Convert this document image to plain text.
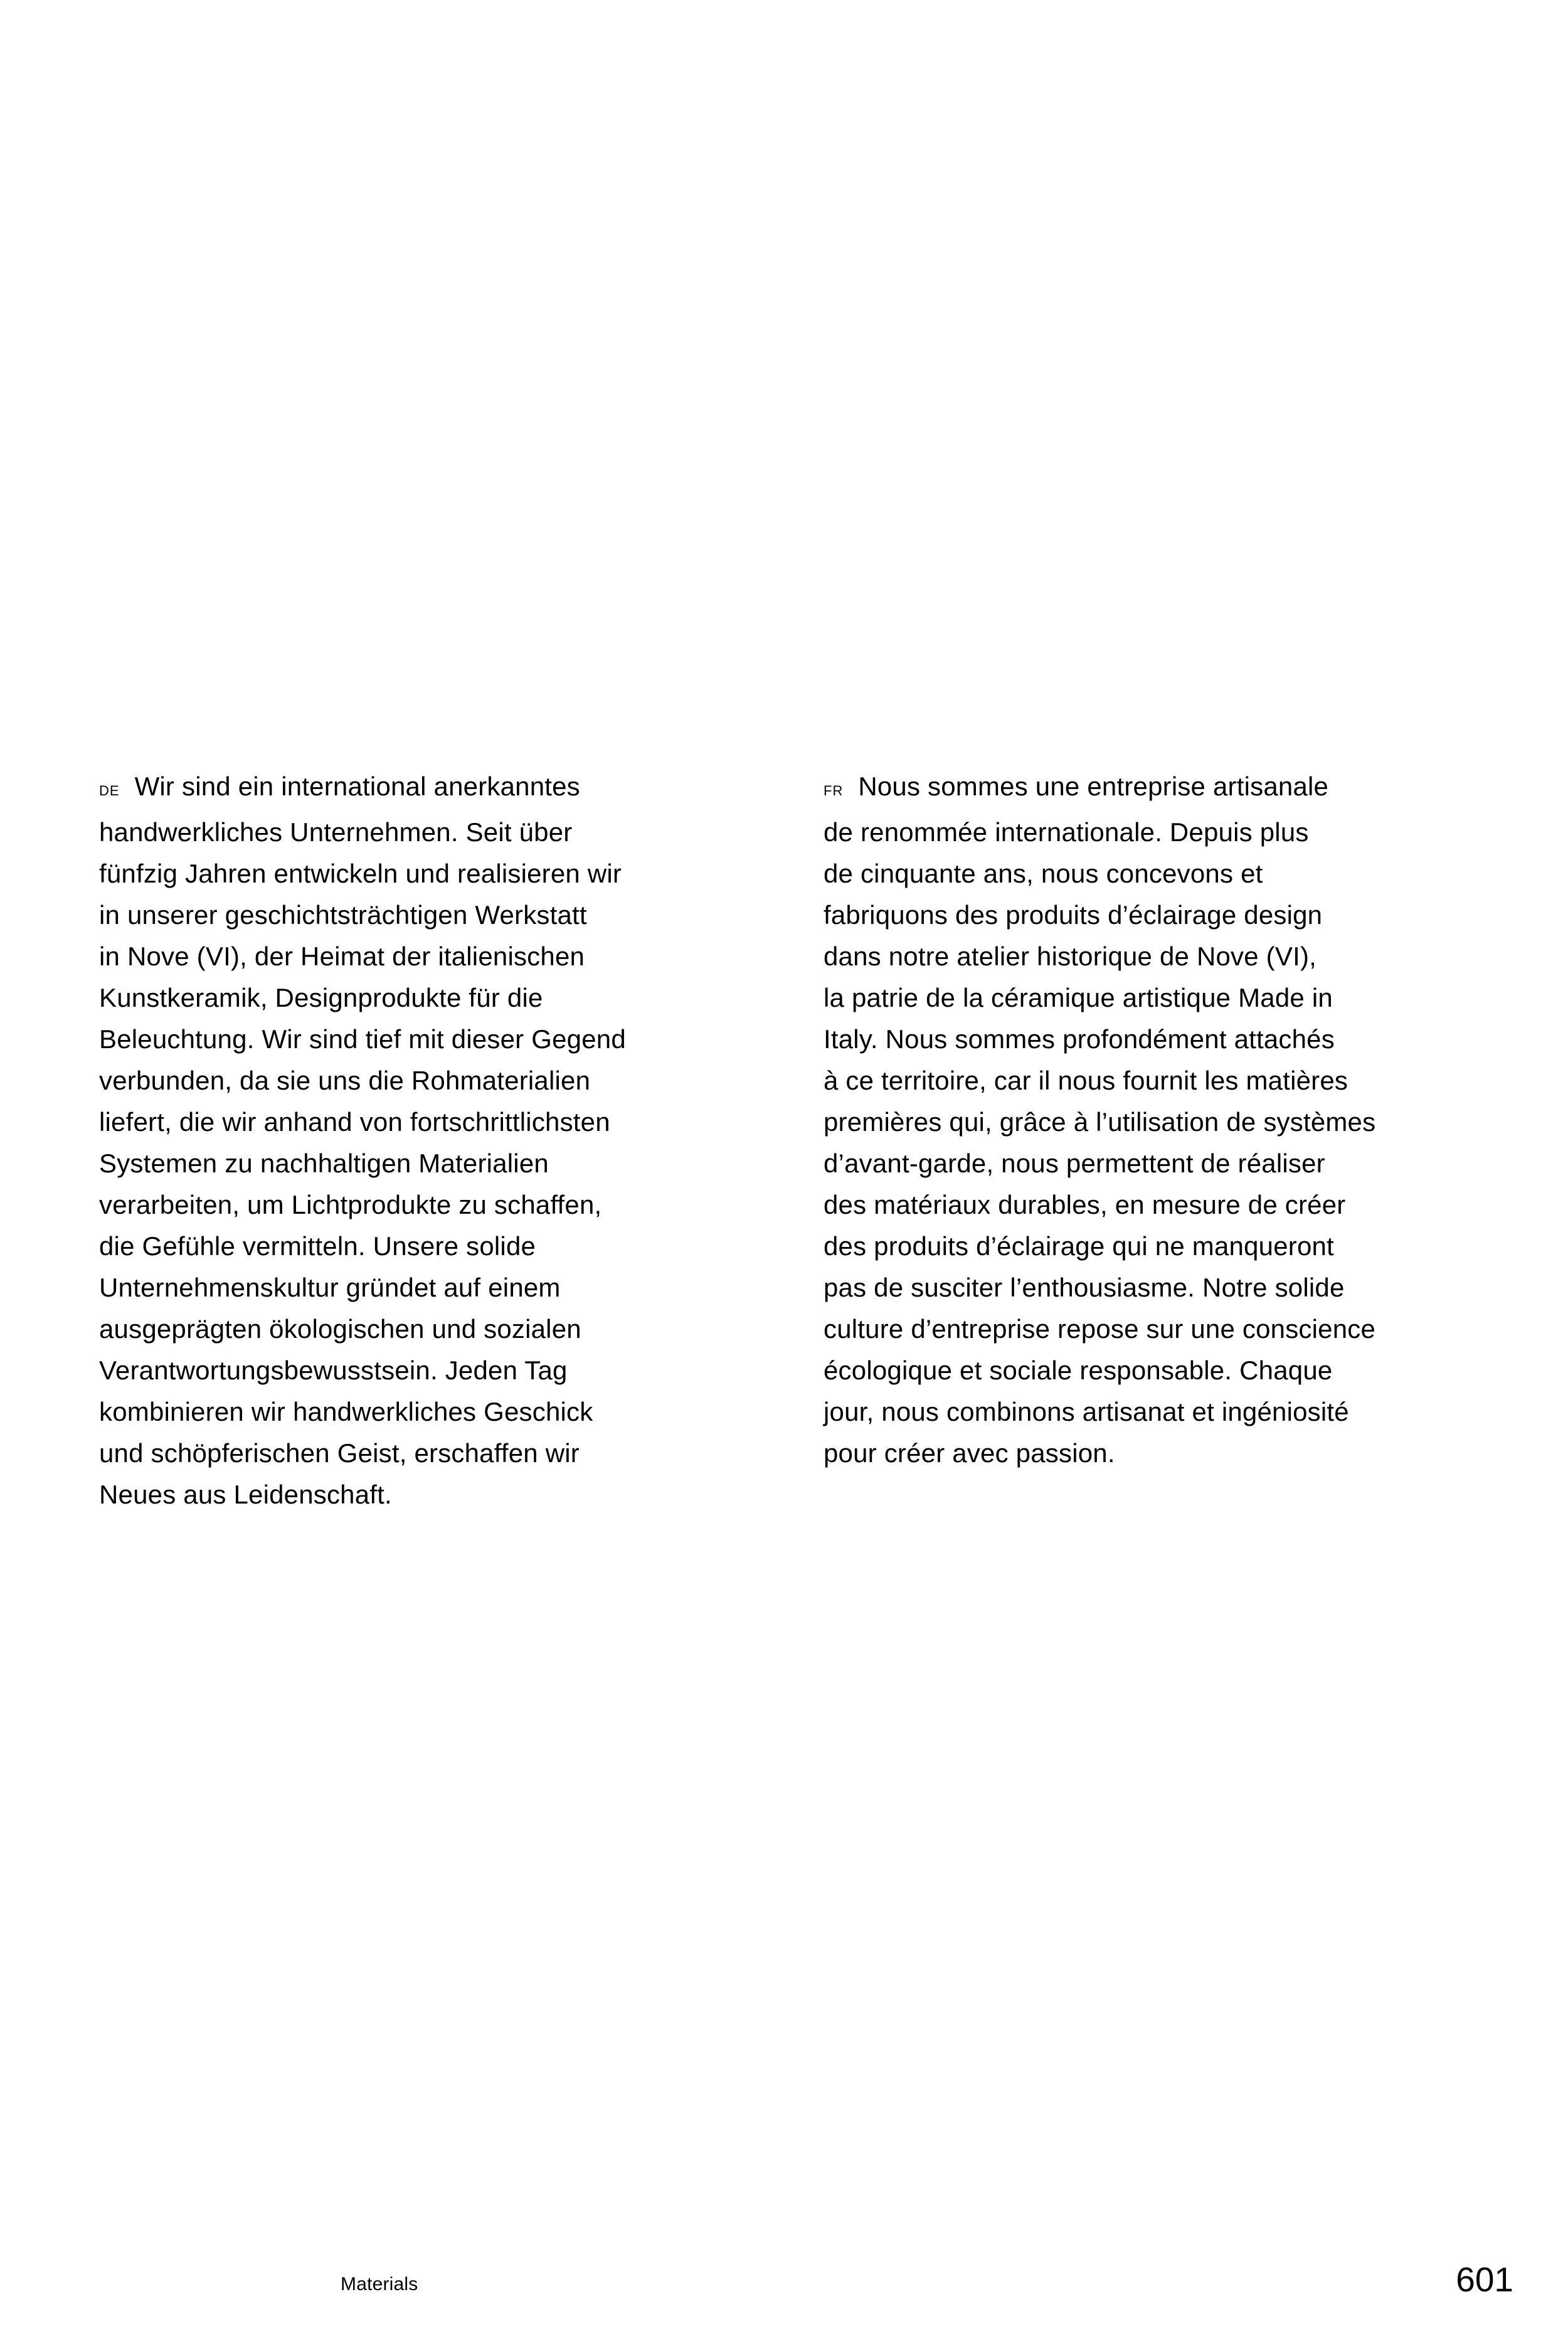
DE Wir sind ein international anerkanntes
handwerkliches Unternehmen. Seit über
fünfzig Jahren entwickeln und realisieren wir
in unserer geschichtsträchtigen Werkstatt
in Nove (VI), der Heimat der italienischen
Kunstkeramik, Designprodukte für die
Beleuchtung. Wir sind tief mit dieser Gegend
verbunden, da sie uns die Rohmaterialien
liefert, die wir anhand von fortschrittlichsten
Systemen zu nachhaltigen Materialien
verarbeiten, um Lichtprodukte zu schaffen,
die Gefühle vermitteln. Unsere solide
Unternehmenskultur gründet auf einem
ausgeprägten ökologischen und sozialen
Verantwortungsbewusstsein. Jeden Tag
kombinieren wir handwerkliches Geschick
und schöpferischen Geist, erschaffen wir
Neues aus Leidenschaft.
FR Nous sommes une entreprise artisanale
de renommée internationale. Depuis plus
de cinquante ans, nous concevons et
fabriquons des produits d’éclairage design
dans notre atelier historique de Nove (VI),
la patrie de la céramique artistique Made in
Italy. Nous sommes profondément attachés
à ce territoire, car il nous fournit les matières
premières qui, grâce à l’utilisation de systèmes
d’avant-garde, nous permettent de réaliser
des matériaux durables, en mesure de créer
des produits d’éclairage qui ne manqueront
pas de susciter l’enthousiasme. Notre solide
culture d’entreprise repose sur une conscience
écologique et sociale responsable. Chaque
jour, nous combinons artisanat et ingéniosité
pour créer avec passion.
Materials	601
